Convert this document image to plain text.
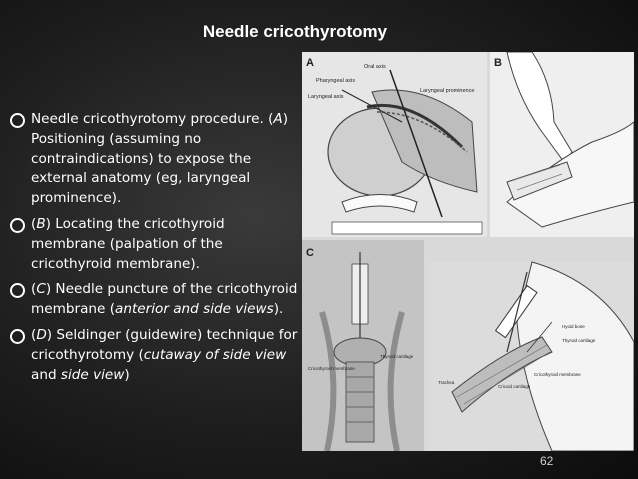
Needle cricothyrotomy
Needle cricothyrotomy procedure. (A) Positioning (assuming no contraindications) to expose the external anatomy (eg, laryngeal prominence).
(B) Locating the cricothyroid membrane (palpation of the cricothyroid membrane).
(C) Needle puncture of the cricothyroid membrane (anterior and side views).
(D) Seldinger (guidewire) technique for cricothyrotomy (cutaway of side view and side view)
A	B
C
Oral axis
Pharyngeal axis
Laryngeal axis
Laryngeal prominence
Cricothyroid membrane
Thyroid cartilage
Hyoid bone
Thyroid cartilage
Trachea
Cricoid cartilage
Cricothyroid membrane
62
